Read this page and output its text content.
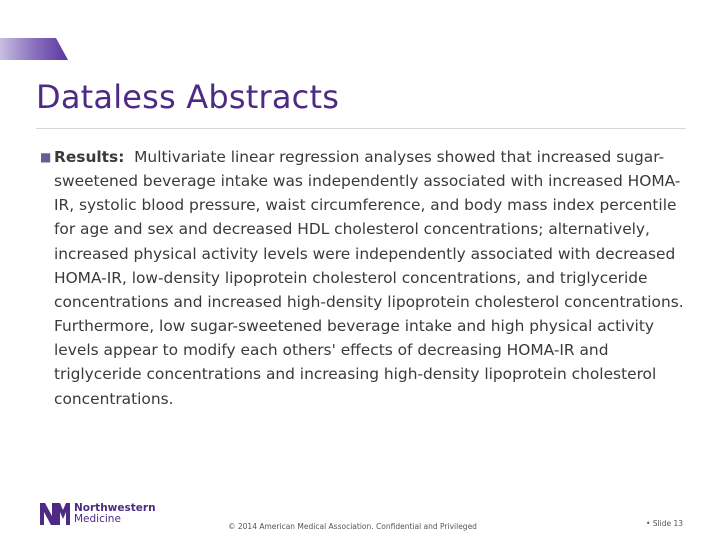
Dataless Abstracts
■ Results: Multivariate linear regression analyses showed that increased sugar-sweetened beverage intake was independently associated with increased HOMA-IR, systolic blood pressure, waist circumference, and body mass index percentile for age and sex and decreased HDL cholesterol concentrations; alternatively, increased physical activity levels were independently associated with decreased HOMA-IR, low-density lipoprotein cholesterol concentrations, and triglyceride concentrations and increased high-density lipoprotein cholesterol concentrations. Furthermore, low sugar-sweetened beverage intake and high physical activity levels appear to modify each others' effects of decreasing HOMA-IR and triglyceride concentrations and increasing high-density lipoprotein cholesterol concentrations.
Northwestern
Medicine
© 2014 American Medical Association. Confidential and Privileged	• Slide 13
